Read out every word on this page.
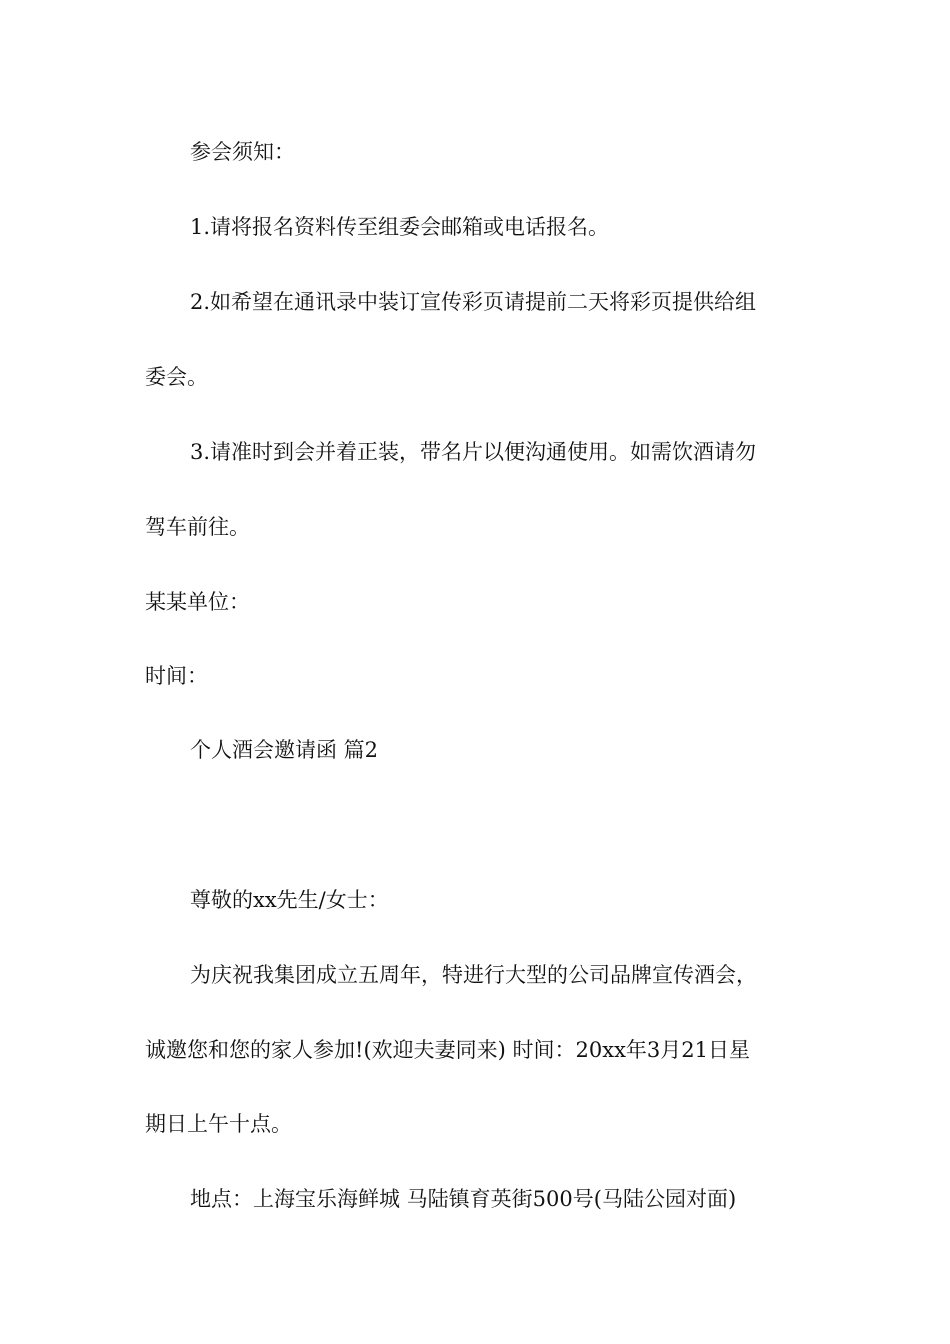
参会须知：

1.请将报名资料传至组委会邮箱或电话报名。

2.如希望在通讯录中装订宣传彩页请提前二天将彩页提供给组

委会。

3.请准时到会并着正装，带名片以便沟通使用。如需饮酒请勿

驾车前往。

某某单位：

时间：

个人酒会邀请函 篇2

尊敬的xx先生/女士：

为庆祝我集团成立五周年，特进行大型的公司品牌宣传酒会，

诚邀您和您的家人参加!(欢迎夫妻同来) 时间：20xx年3月21日星

期日上午十点。

地点：上海宝乐海鲜城 马陆镇育英街500号(马陆公园对面)
